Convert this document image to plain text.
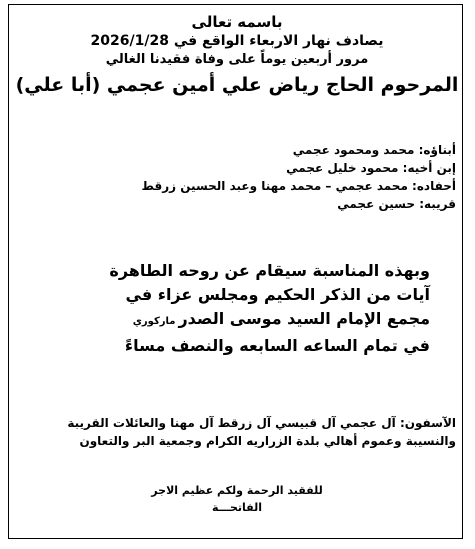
باسمه تعالى
يصادف نهار الاربعاء الواقع في 2026/1/28
مرور أربعين يوماً على وفاة فقيدنا الغالي
المرحوم الحاج رياض علي أمين عجمي (أبا علي)
أبناؤه: محمد ومحمود عجمي
إبن أخيه: محمود خليل عجمي
أحفاده: محمد عجمي – محمد مهنا وعبد الحسين زرقط
قريبه: حسين عجمي
وبهذه المناسبة سيقام عن روحه الطاهرة
آيات من الذكر الحكيم ومجلس عزاء في
مجمع الإمام السيد موسى الصدرماركوري
في تمام الساعه السابعه والنصف مساءً
الآسفون: آل عجمي آل قبيسي آل زرقط آل مهنا والعائلات القريبة
والنسيبة وعموم أهالي بلدة الزراريه الكرام وجمعية البر والتعاون
للفقيد الرحمة ولكم عظيم الاجر
الفاتحـــة
